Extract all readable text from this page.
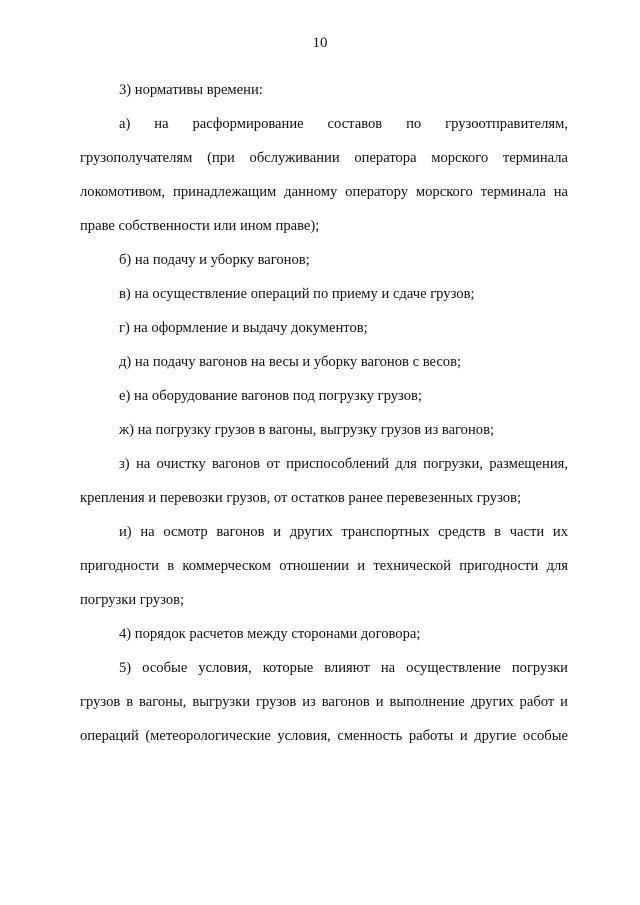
10
3) нормативы времени:
а) на расформирование составов по грузоотправителям,
грузополучателям (при обслуживании оператора морского терминала
локомотивом, принадлежащим данному оператору морского терминала на
праве собственности или ином праве);
б) на подачу и уборку вагонов;
в) на осуществление операций по приему и сдаче грузов;
г) на оформление и выдачу документов;
д) на подачу вагонов на весы и уборку вагонов с весов;
е) на оборудование вагонов под погрузку грузов;
ж) на погрузку грузов в вагоны, выгрузку грузов из вагонов;
з) на очистку вагонов от приспособлений для погрузки, размещения,
крепления и перевозки грузов, от остатков ранее перевезенных грузов;
и) на осмотр вагонов и других транспортных средств в части их
пригодности в коммерческом отношении и технической пригодности для
погрузки грузов;
4) порядок расчетов между сторонами договора;
5) особые условия, которые влияют на осуществление погрузки
грузов в вагоны, выгрузки грузов из вагонов и выполнение других работ и
операций (метеорологические условия, сменность работы и другие особые
